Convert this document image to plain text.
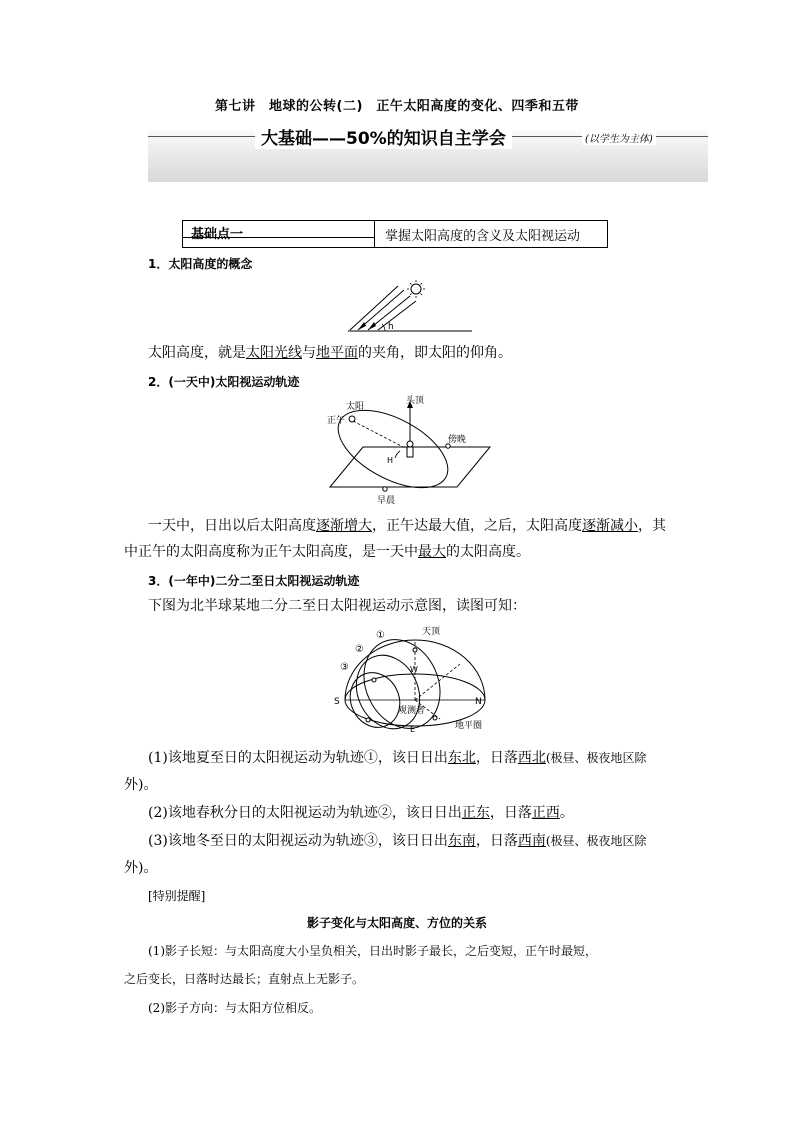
第七讲　地球的公转(二)　正午太阳高度的变化、四季和五带
大基础——50%的知识自主学会	(以学生为主体)
基础点一	掌握太阳高度的含义及太阳视运动
1．太阳高度的概念
h
太阳高度，就是太阳光线与地平面的夹角，即太阳的仰角。
2．(一天中)太阳视运动轨迹
太阳
正午
头顶
傍晚
早晨
H
一天中，日出以后太阳高度逐渐增大，正午达最大值，之后，太阳高度逐渐减小，其
中正午的太阳高度称为正午太阳高度，是一天中最大的太阳高度。
3．(一年中)二分二至日太阳视运动轨迹
下图为北半球某地二分二至日太阳视运动示意图，读图可知：
天顶
W
N
S
E
观测者
地平圈
①
②
③
(1)该地夏至日的太阳视运动为轨迹①，该日日出东北，日落西北(极昼、极夜地区除
外)。
(2)该地春秋分日的太阳视运动为轨迹②，该日日出正东，日落正西。
(3)该地冬至日的太阳视运动为轨迹③，该日日出东南，日落西南(极昼、极夜地区除
外)。
[特别提醒]
影子变化与太阳高度、方位的关系
(1)影子长短：与太阳高度大小呈负相关，日出时影子最长，之后变短，正午时最短，
之后变长，日落时达最长；直射点上无影子。
(2)影子方向：与太阳方位相反。
